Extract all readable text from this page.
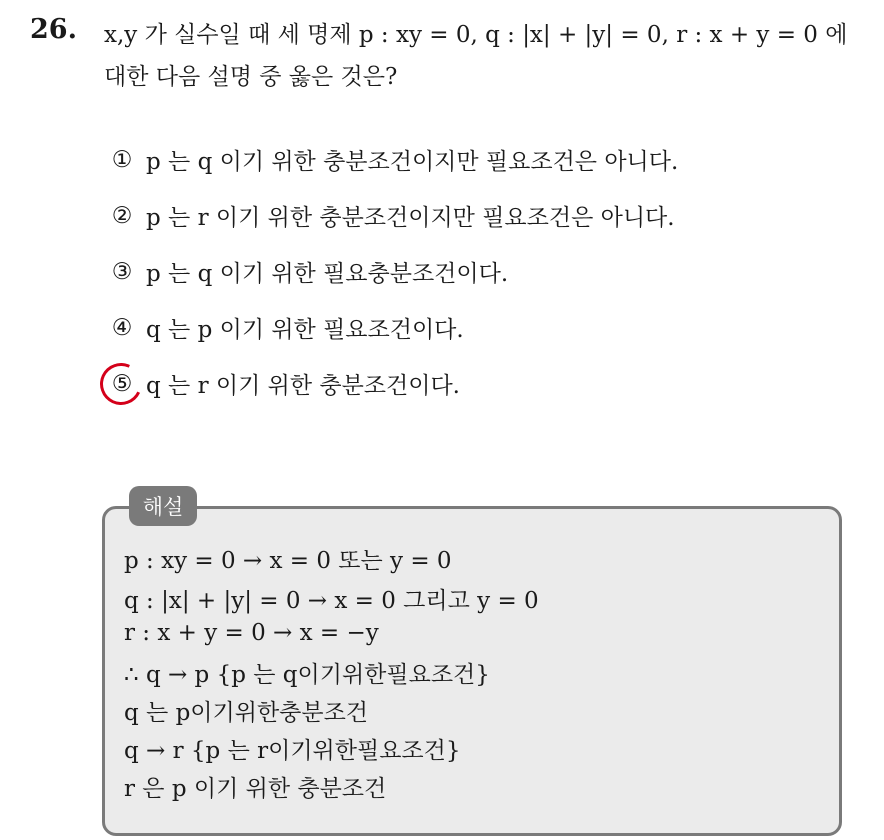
26. x,y 가 실수일 때 세 명제 p : xy = 0, q : |x| + |y| = 0, r : x + y = 0 에
대한 다음 설명 중 옳은 것은?
① p 는 q 이기 위한 충분조건이지만 필요조건은 아니다.
② p 는 r 이기 위한 충분조건이지만 필요조건은 아니다.
③ p 는 q 이기 위한 필요충분조건이다.
④ q 는 p 이기 위한 필요조건이다.
⑤ q 는 r 이기 위한 충분조건이다.
해설
p : xy = 0 → x = 0 또는 y = 0
q : |x| + |y| = 0 → x = 0 그리고 y = 0
r : x + y = 0 → x = −y
∴ q → p {p 는 q이기위한필요조건}
q 는 p이기위한충분조건
q → r {p 는 r이기위한필요조건}
r 은 p 이기 위한 충분조건
